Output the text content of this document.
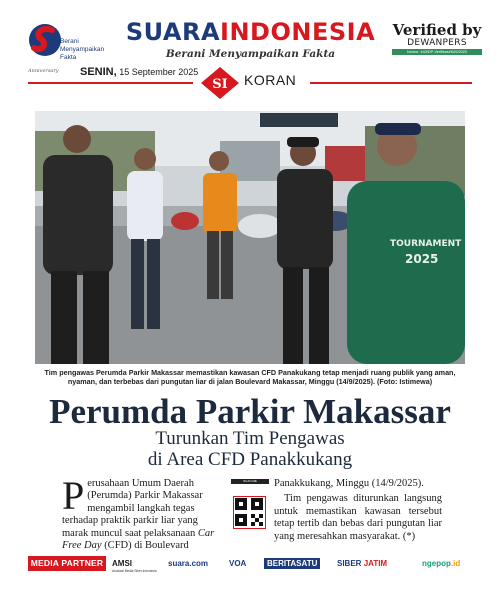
Berani
Menyampaikan
Fakta
Anniversary
SUARAINDONESIA
Berani Menyampaikan Fakta
Verified by
DEWANPERS
Nomor: 443/DP-Verifikasi/K/III/2020
SENIN, 15 September 2025
SI KORAN
TOURNAMENT
2025
Tim pengawas Perumda Parkir Makassar memastikan kawasan CFD Panakukang tetap menjadi ruang publik yang aman, nyaman, dan terbebas dari pungutan liar di jalan Boulevard Makassar, Minggu (14/9/2025). (Foto: Istimewa)
Perumda Parkir Makassar
Turunkan Tim Pengawas
di Area CFD Panakkukang
Perusahaan Umum Daerah (Perumda) Parkir Makassar mengambil langkah tegas terhadap praktik parkir liar yang marak muncul saat pelaksanaan Car Free Day (CFD) di Boulevard
SCAN ME	Panakkukang, Minggu (14/9/2025).

Tim pengawas diturunkan langsung untuk memastikan kawasan tersebut tetap tertib dan bebas dari pungutan liar yang meresahkan masyarakat. (*)

MEDIA PARTNER	AMSI
Asosiasi Media Siber Indonesia
suara.com	VOA	BERITASATU	SIBER JATIM	ngepop.id
